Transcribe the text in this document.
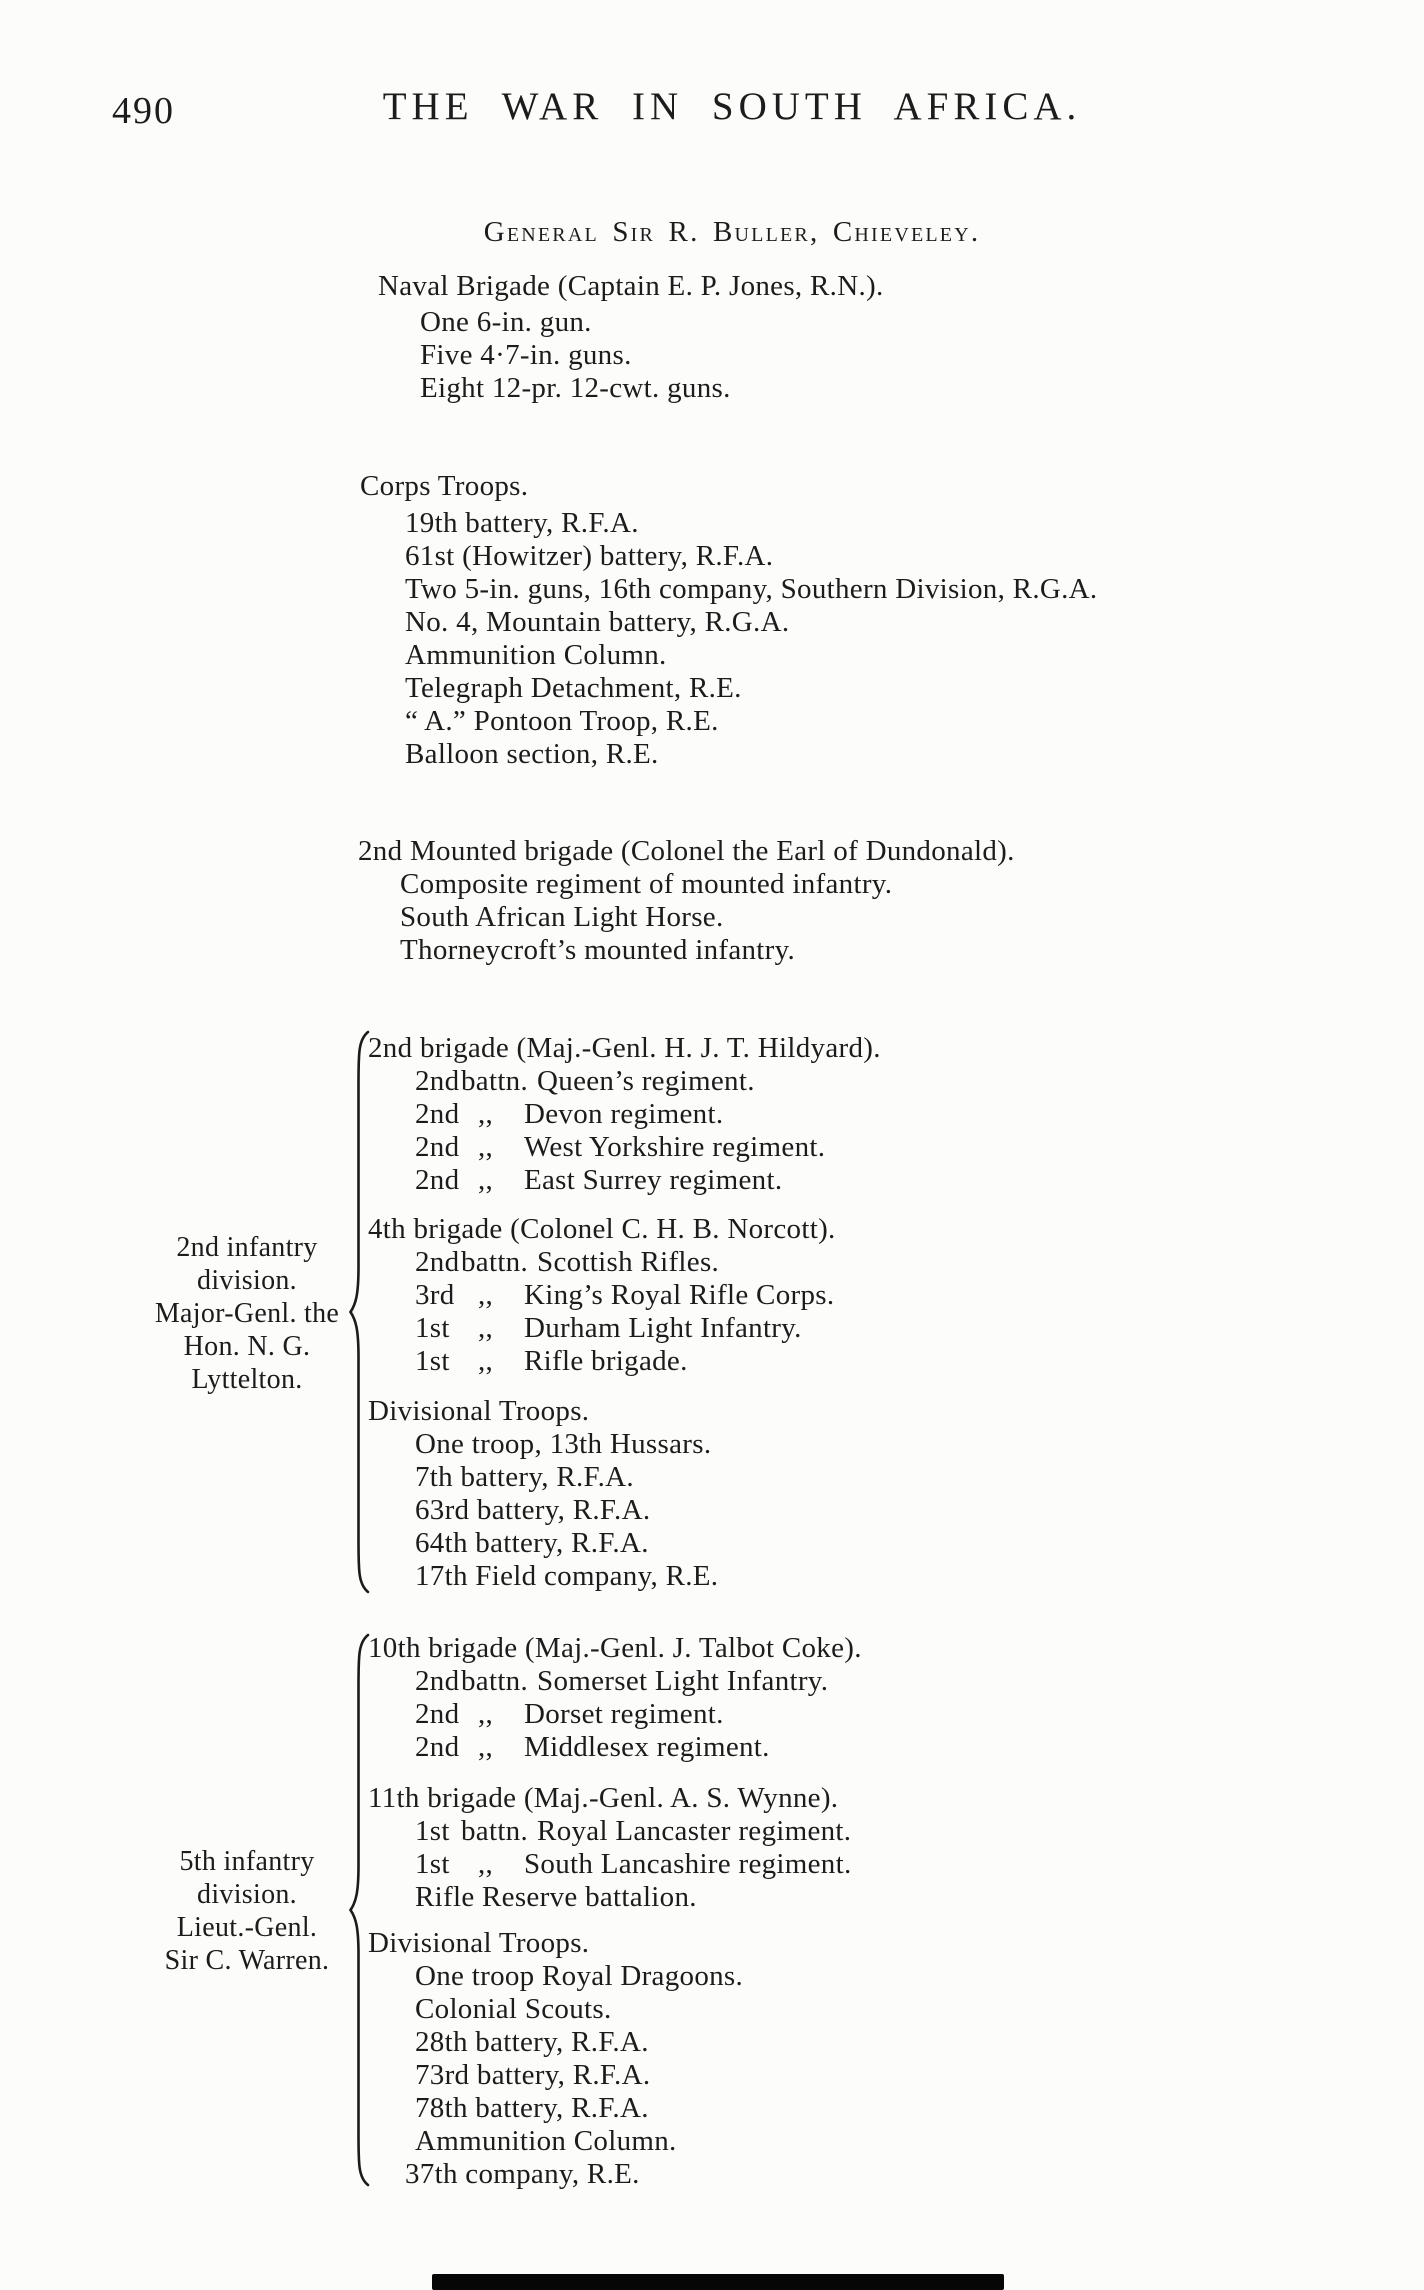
490	THE WAR IN SOUTH AFRICA.
General Sir R. Buller, Chieveley.
Naval Brigade (Captain E. P. Jones, R.N.).
One 6-in. gun.
Five 4·7-in. guns.
Eight 12-pr. 12-cwt. guns.
Corps Troops.
19th battery, R.F.A.
61st (Howitzer) battery, R.F.A.
Two 5-in. guns, 16th company, Southern Division, R.G.A.
No. 4, Mountain battery, R.G.A.
Ammunition Column.
Telegraph Detachment, R.E.
“ A.” Pontoon Troop, R.E.
Balloon section, R.E.
2nd Mounted brigade (Colonel the Earl of Dundonald).
Composite regiment of mounted infantry.
South African Light Horse.
Thorneycroft’s mounted infantry.
2nd infantry
division.
Major-Genl. the
Hon. N. G.
Lyttelton.
2nd brigade (Maj.-Genl. H. J. T. Hildyard).
2ndbattn. Queen’s regiment.
2nd ,, Devon regiment.
2nd ,, West Yorkshire regiment.
2nd ,, East Surrey regiment.
4th brigade (Colonel C. H. B. Norcott).
2ndbattn. Scottish Rifles.
3rd ,, King’s Royal Rifle Corps.
1st ,, Durham Light Infantry.
1st ,, Rifle brigade.
Divisional Troops.
One troop, 13th Hussars.
7th battery, R.F.A.
63rd battery, R.F.A.
64th battery, R.F.A.
17th Field company, R.E.
5th infantry
division.
Lieut.-Genl.
Sir C. Warren.
10th brigade (Maj.-Genl. J. Talbot Coke).
2ndbattn. Somerset Light Infantry.
2nd ,, Dorset regiment.
2nd ,, Middlesex regiment.
11th brigade (Maj.-Genl. A. S. Wynne).
1st battn. Royal Lancaster regiment.
1st ,, South Lancashire regiment.
Rifle Reserve battalion.
Divisional Troops.
One troop Royal Dragoons.
Colonial Scouts.
28th battery, R.F.A.
73rd battery, R.F.A.
78th battery, R.F.A.
Ammunition Column.
37th company, R.E.
